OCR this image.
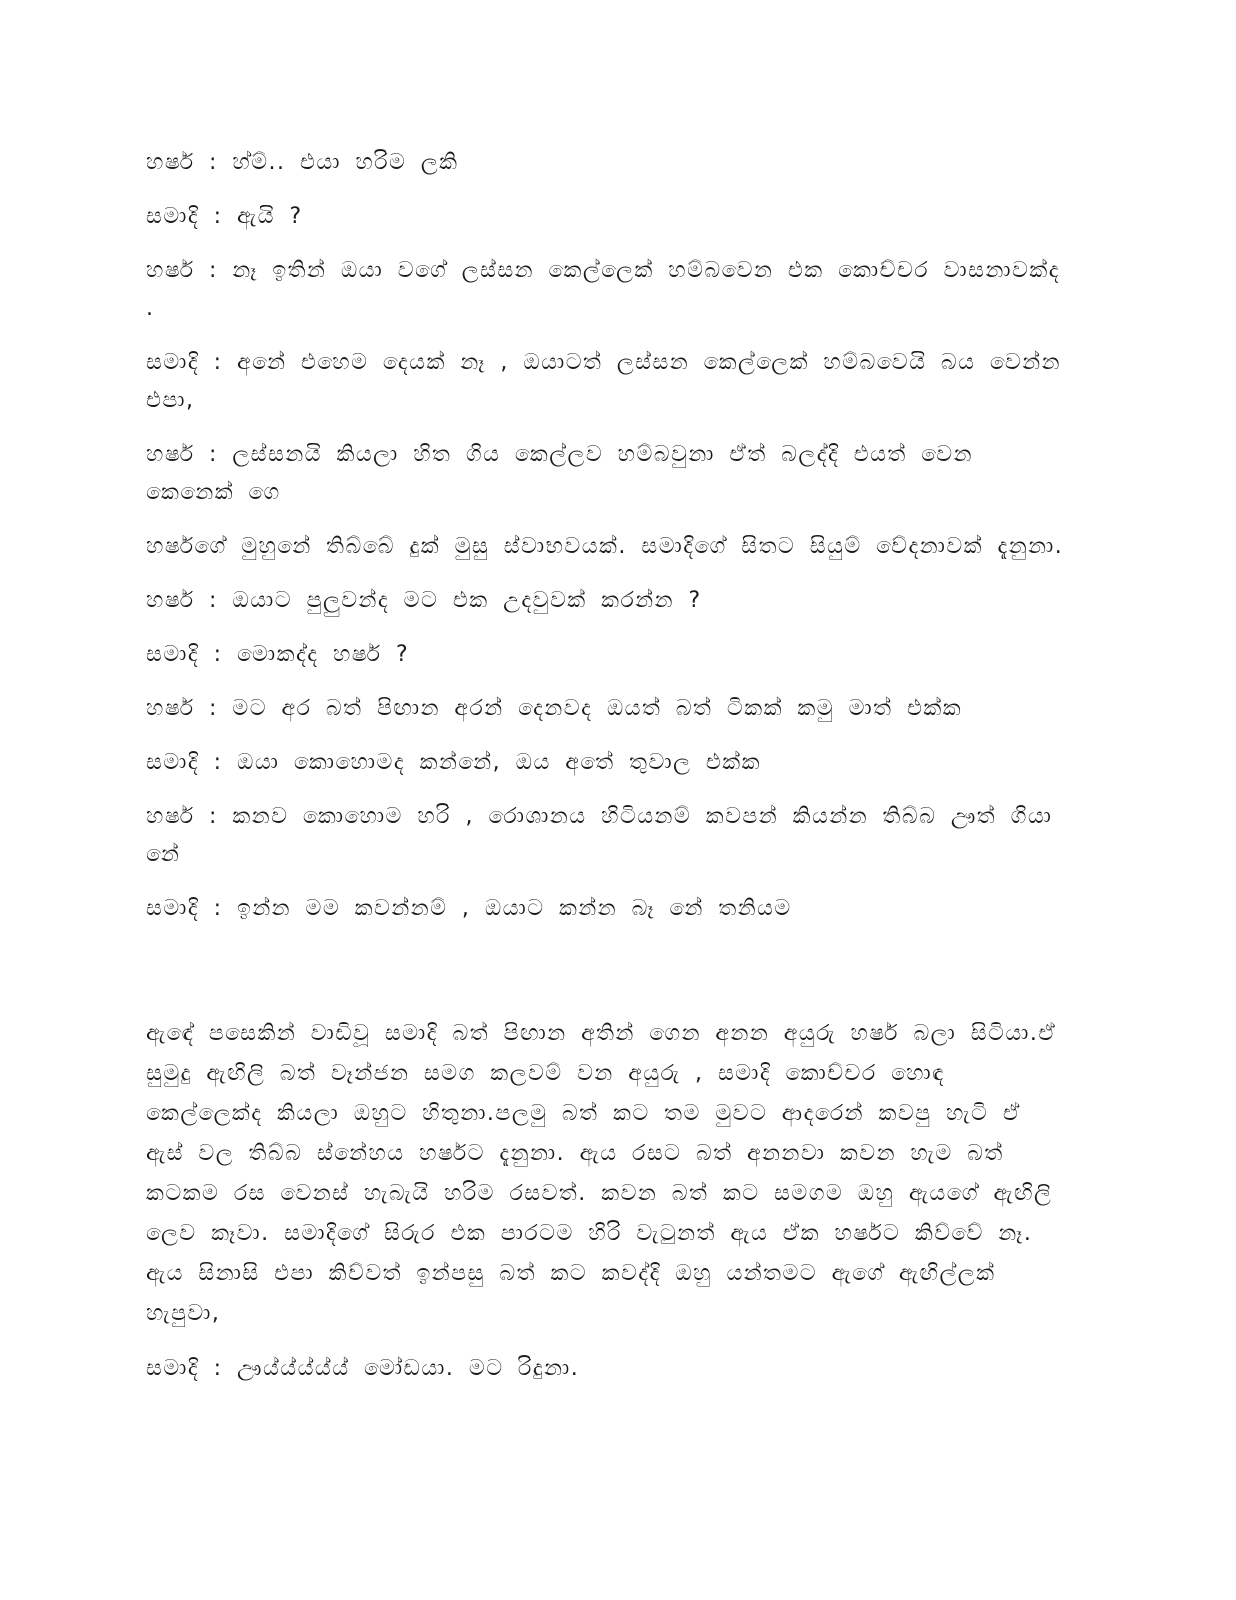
හර්ෂ : හ්ම්.. එයා හරිම ලකි

සමාදි : ඇයි ?

හර්ෂ : නෑ ඉතින් ඔයා වගේ ලස්සන කෙල්ලෙක් හම්බවෙන එක කොච්චර වාසනාවක්ද .

සමාදි : අනේ එහෙම දෙයක් නෑ , ඔයාටත් ලස්සන කෙල්ලෙක් හම්බවෙයි බය වෙන්න එපා,

හර්ෂ : ලස්සනයි කියලා හිත ගිය කෙල්ලව හම්බවුනා ඒත් බලද්දි එයත් වෙන කෙනෙක් ගෙ

හර්ෂගේ මුහුනේ තිබ්බේ දුක් මුසු ස්වාභවයක්. සමාදිගේ සිතට සියුම් වේදනාවක් දැනුනා.

හර්ෂ : ඔයාට පුලුවන්ද මට එක උදවුවක් කරන්න ?

සමාදි : මොකද්ද හර්ෂ ?

හර්ෂ : මට අර බත් පිඟාන අරන් දෙනවද ඔයත් බත් ටිකක් කමු මාත් එක්ක

සමාදි : ඔයා කොහොමද කන්නේ, ඔය අතේ තුවාල එක්ක

හර්ෂ : කනව කොහොම හරි , රොශානය හිටියනම් කවපන් කියන්න තිබ්බ ඌත් ගියා නේ

සමාදි : ඉන්න මම කවන්නම් , ඔයාට කන්න බෑ නේ තනියම

ඇඳේ පසෙකින් වාඩිවූ සමාදි බත් පිඟාන අතින් ගෙන අනන අයුරු හර්ෂ බලා සිටියා.ඒ සුමුදු ඇඟිලි බත් වෑන්ජන සමග කලවම් වන අයුරු , සමාදි කොච්චර හොඳ කෙල්ලෙක්ද කියලා ඔහුට හිතුනා.පලමු බත් කට තම මුවට ආදරෙන් කවපු හැටි ඒ ඇස් වල තිබ්බ ස්නේහය හර්ෂට දැනුනා. ඇය රසට බත් අනනවා කවන හැම බත් කටකම රස වෙනස් හැබැයි හරිම රසවත්. කවන බත් කට සමගම ඔහු ඇයගේ ඇඟිලි ලෙව කෑවා. සමාදිගේ සිරුර එක පාරටම හිරි වැටුනත් ඇය ඒක හර්ෂට කිව්වේ නෑ. ඇය සිනාසි එපා කිව්වත් ඉන්පසු බත් කට කවද්දි ඔහු යන්තමට ඇගේ ඇඟිල්ලක් හැපුවා,

සමාදි : ඌය්ය්ය්ය්ය් මෝඩයා. මට රිදුනා.
